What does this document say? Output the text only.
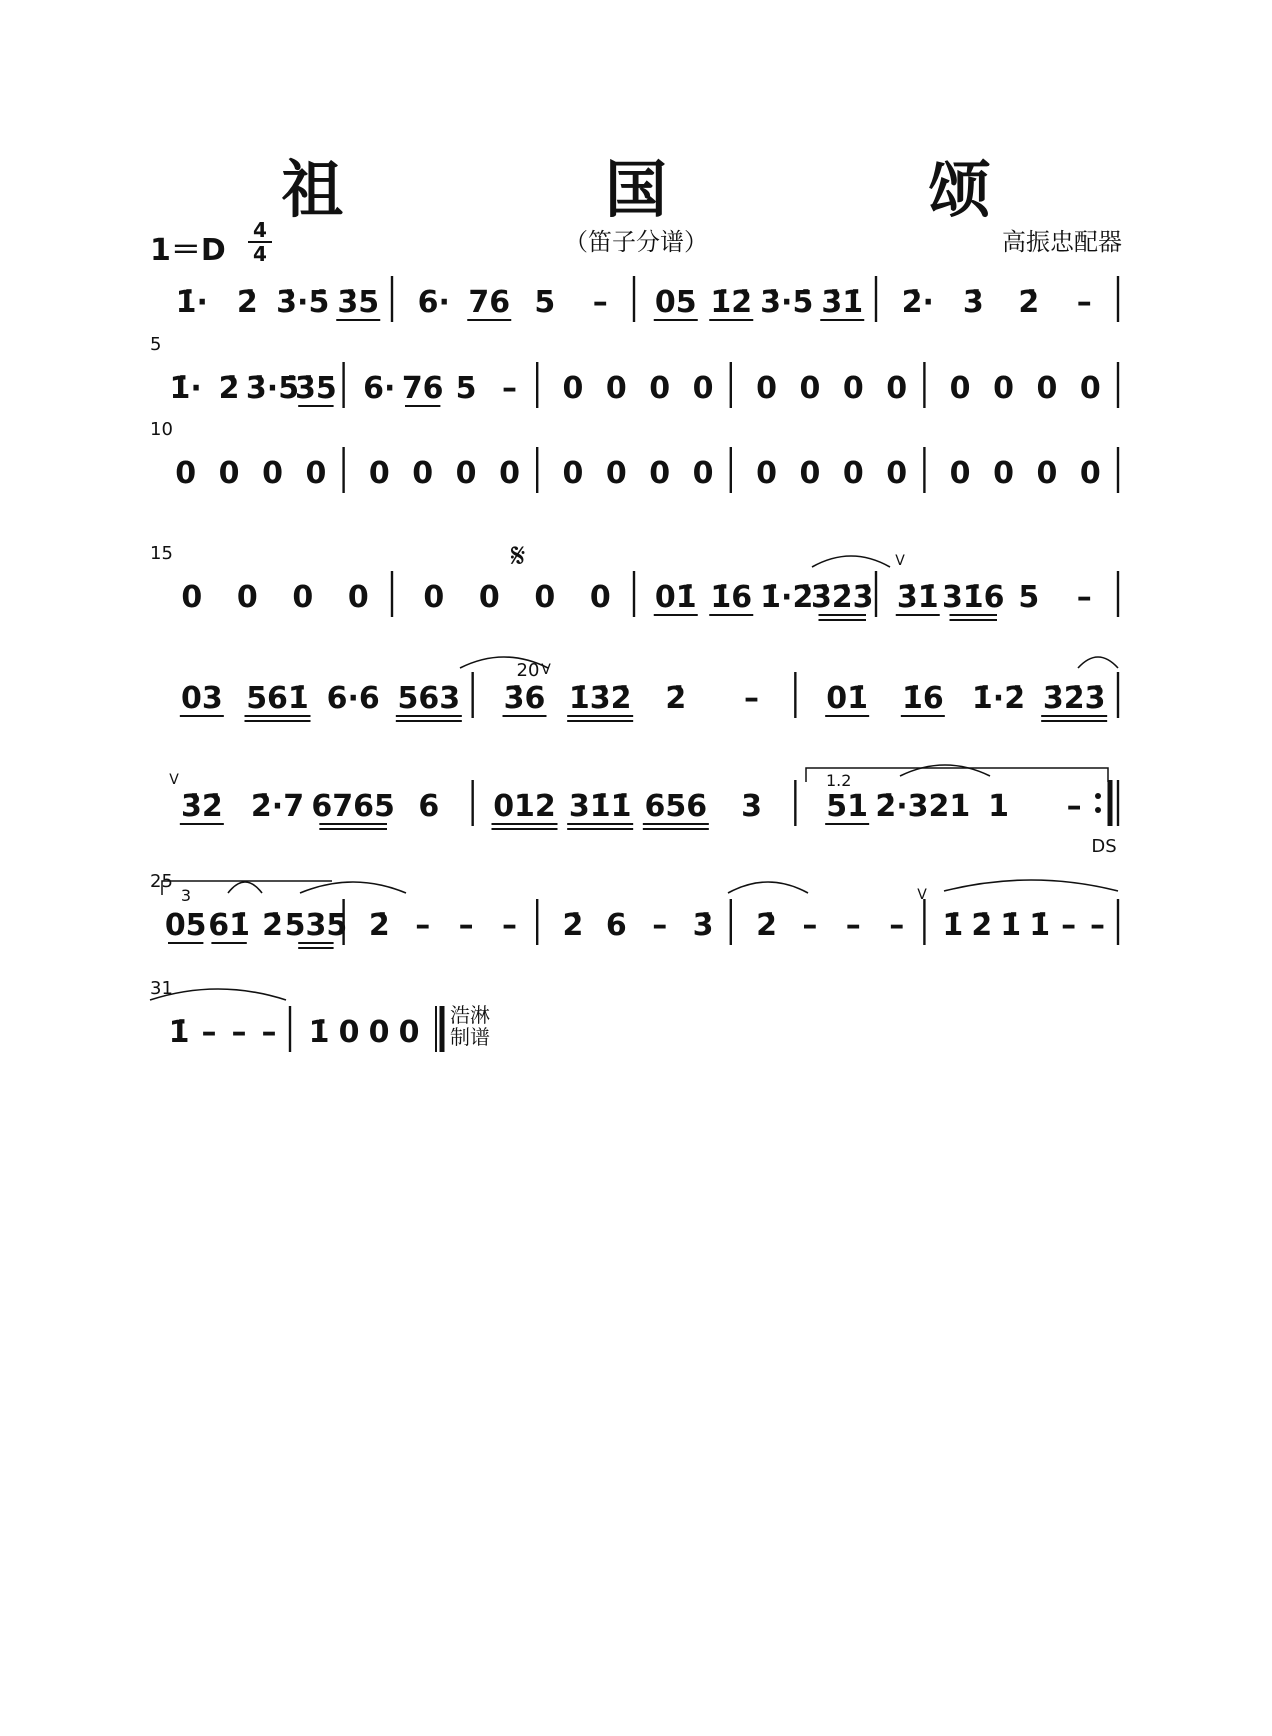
祖 国 颂
1＝D
4
4	（笛子分谱）	高振忠配器
1̇· 2̇ 3̇·5̇ 3̇5 6· 76 5 – 05 1̇2̇ 3̇·5̇ 3̇1̇ 2̇· 3̇ 2̇ –
5
1̇· 2̇ 3̇·5̇
3̇5 6· 76 5 – 0 0 0 0 0 0 0 0 0 0 0 0
10
0 0 0 0 0 0 0 0 0 0 0 0 0 0 0 0 0 0 0 0
15
0 0 0 0 0 0 0 0 01̇ 1̇6 1̇·2̇
3̇2̇3̇ 3̇1̇ 31̇6 5 –
03 561̇ 6·6 563 3̇6 1̇3̇2̇ 2̇ – 01̇ 1̇6 1̇·2̇ 3̇2̇3̇
3̇2̇ 2̇·7 6765 6 012 31̇1̇ 656 3 51 2̇·321 1 –
25
05 61̇ 2̇ 535 2̇ – – – 2̇ 6 – 3̇ 2̇ – – – 1̇ 2̇ 1̇ 1̇ – –
31
1̇ – – – 1̇ 0 0 0 浩淋
制谱
20
𝄋
1.2
DS
3
V
V
V
V
